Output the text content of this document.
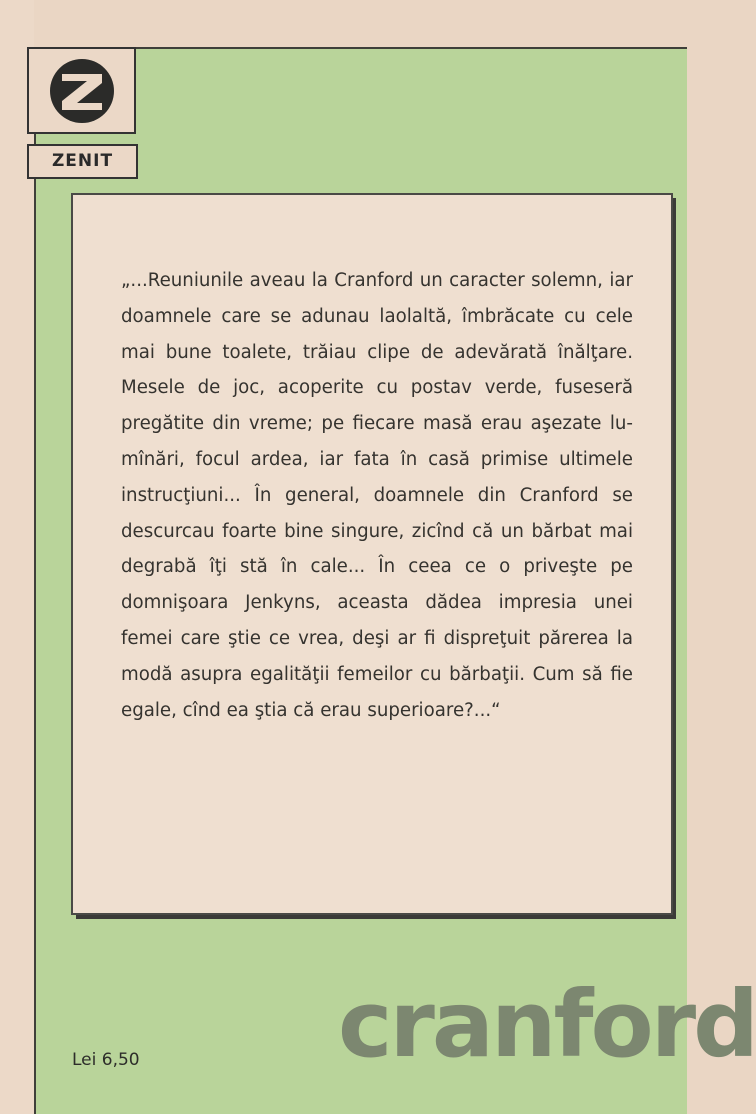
ZENIT

„...Reuniunile aveau la Cranford un caracter solemn, iar doamnele care se adunau laolaltă, îmbrăcate cu cele mai bune toalete, trăiau clipe de adevărată înălţare. Mesele de joc, acoperite cu postav verde, fuseseră pregătite din vreme; pe fiecare masă erau aşezate lumînări, focul ardea, iar fata în casă primise ultimele instrucţiuni... În general, doamnele din Cranford se descurcau foarte bine singure, zicînd că un bărbat mai degrabă îţi stă în cale... În ceea ce o priveşte pe domnişoara Jenkyns, aceasta dădea impresia unei femei care ştie ce vrea, deşi ar fi dispreţuit părerea la modă asupra egalităţii femeilor cu bărbaţii. Cum să fie egale, cînd ea ştia că erau superioare?...“

Lei 6,50 cranford
